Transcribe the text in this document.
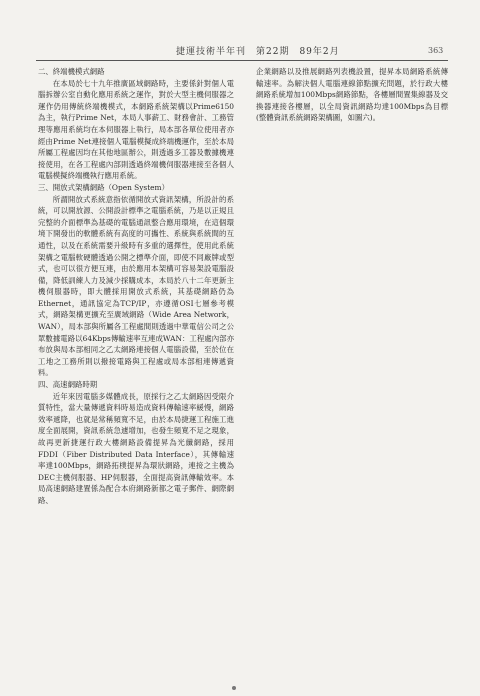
捷運技術半年刊　第22期　89年2月	363

二、終端機模式網路

在本局於七十九年推廣區域網路時，主要係針對個人電腦拆辦公室自動化應用系統之運作，對於大型主機伺服器之運作仍用傳統終端機模式，本網路系統架構以Prime6150為主，執行Prime Net，本局人事薪工、財務會計、工務管理等應用系統均在本伺服器上執行，局本部各單位使用者亦經由Prime Net連接個人電腦模擬成終端機運作，至於本局所屬工程處因均在其他地區辦公，則透過多工器及數據機連接使用，在各工程處內部則透過終端機伺服器連接至各個人電腦模擬終端機執行應用系統。

三、開放式架構網路（Open System）

所謂開放式系統意指依循開放式資訊架構，所設計的系統，可以開放源、公開設計標準之電腦系統，乃是以正規且完整的介面標準為基礎的電腦通訊整合應用環境，在這個環境下開發出的軟體系統有高度的可攜性、系統與系統間的互通性，以及在系統需要升級時有多重的選擇性，使用此系統架構之電腦軟硬體透過公開之標準介面，即使不同廠牌或型式，也可以很方便互連，由於應用本架構可容易架設電腦設備，降低訓練人力及減少採購成本，本局於八十二年更新主機伺服器時，即大體採用開放式系統，其基礎網路仍為Ethernet，通訊協定為TCP/IP，亦遵循OSI七層參考模式，網路架構更擴充至廣域網路（Wide Area Network，WAN），局本部與所屬各工程處間則透過中華電信公司之公眾數據電路以64Kbps傳輸速率互連成WAN：工程處內部亦布放與局本部相同之乙太網路連接個人電腦設備，至於位在工地之工務所則以撥接電路與工程處或局本部相連傳遞資料。

四、高速網路時期

近年來因電腦多媒體成長，原採行之乙太網路因受限介質特性，當大量傳遞資料時易造成資料傳輸速率緩慢，網路效率遞降，也就是常稱頻寬不足，由於本局捷運工程施工進度全面展開，資訊系統急遽增加，也發生頻寬不足之現象，故再更新捷運行政大樓網路設備提昇為光纖網路，採用FDDI（Fiber Distributed Data Interface），其傳輸速率達100Mbps，網路拓樸提昇為環狀網路，連接之主機為DEC主機伺服器、HP伺服器，全面提高資訊傳輸效率。本局高速網路建置係為配合本府網路新都之電子郵件、網際網路、

企業網路以及推展網路列表機設置，提昇本局網路系統傳輸速率。為解決個人電腦連線節點擴充問題，於行政大樓網路系統增加100Mbps網路節點，各樓層間置集線器及交換器連接各樓層，以全局資訊網路均達100Mbps為目標(整體資訊系統網路架構圖，如圖六)。
